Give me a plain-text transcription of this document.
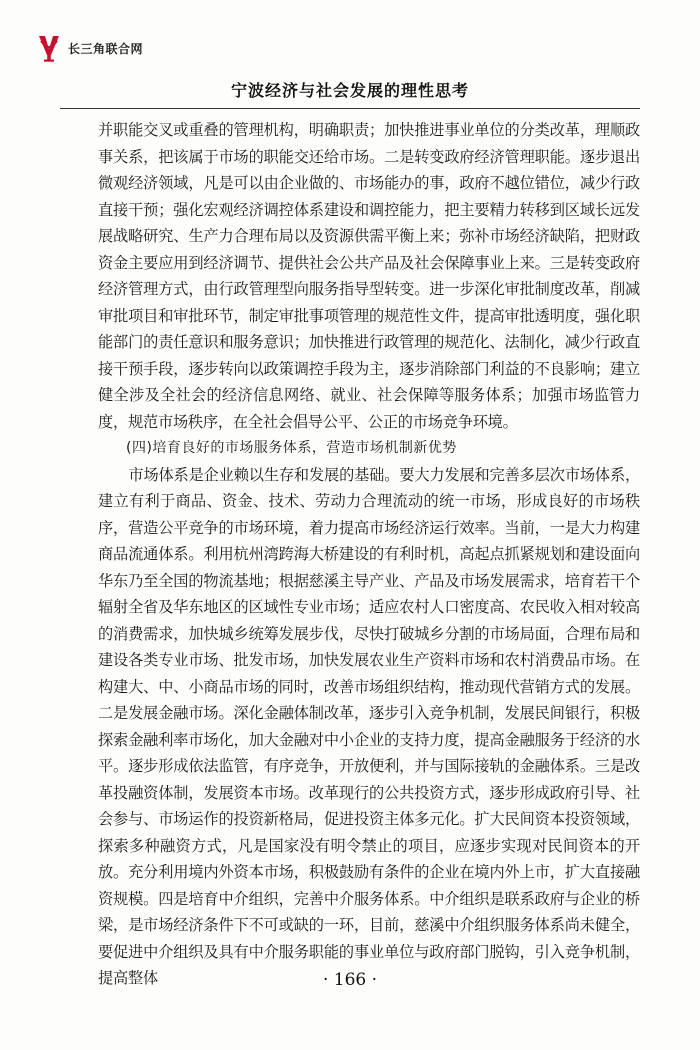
长三角联合网
宁波经济与社会发展的理性思考

并职能交叉或重叠的管理机构，明确职责；加快推进事业单位的分类改革，理顺政事关系，把该属于市场的职能交还给市场。二是转变政府经济管理职能。逐步退出微观经济领域，凡是可以由企业做的、市场能办的事，政府不越位错位，减少行政直接干预；强化宏观经济调控体系建设和调控能力，把主要精力转移到区域长远发展战略研究、生产力合理布局以及资源供需平衡上来；弥补市场经济缺陷，把财政资金主要应用到经济调节、提供社会公共产品及社会保障事业上来。三是转变政府经济管理方式，由行政管理型向服务指导型转变。进一步深化审批制度改革，削减审批项目和审批环节，制定审批事项管理的规范性文件，提高审批透明度，强化职能部门的责任意识和服务意识；加快推进行政管理的规范化、法制化，减少行政直接干预手段，逐步转向以政策调控手段为主，逐步消除部门利益的不良影响；建立健全涉及全社会的经济信息网络、就业、社会保障等服务体系；加强市场监管力度，规范市场秩序，在全社会倡导公平、公正的市场竞争环境。

(四)培育良好的市场服务体系，营造市场机制新优势

市场体系是企业赖以生存和发展的基础。要大力发展和完善多层次市场体系，建立有利于商品、资金、技术、劳动力合理流动的统一市场，形成良好的市场秩序，营造公平竞争的市场环境，着力提高市场经济运行效率。当前，一是大力构建商品流通体系。利用杭州湾跨海大桥建设的有利时机，高起点抓紧规划和建设面向华东乃至全国的物流基地；根据慈溪主导产业、产品及市场发展需求，培育若干个辐射全省及华东地区的区域性专业市场；适应农村人口密度高、农民收入相对较高的消费需求，加快城乡统筹发展步伐，尽快打破城乡分割的市场局面，合理布局和建设各类专业市场、批发市场，加快发展农业生产资料市场和农村消费品市场。在构建大、中、小商品市场的同时，改善市场组织结构，推动现代营销方式的发展。二是发展金融市场。深化金融体制改革，逐步引入竞争机制，发展民间银行，积极探索金融利率市场化，加大金融对中小企业的支持力度，提高金融服务于经济的水平。逐步形成依法监管，有序竞争，开放便利，并与国际接轨的金融体系。三是改革投融资体制，发展资本市场。改革现行的公共投资方式，逐步形成政府引导、社会参与、市场运作的投资新格局，促进投资主体多元化。扩大民间资本投资领域，探索多种融资方式，凡是国家没有明令禁止的项目，应逐步实现对民间资本的开放。充分利用境内外资本市场，积极鼓励有条件的企业在境内外上市，扩大直接融资规模。四是培育中介组织，完善中介服务体系。中介组织是联系政府与企业的桥梁，是市场经济条件下不可或缺的一环，目前，慈溪中介组织服务体系尚未健全，要促进中介组织及具有中介服务职能的事业单位与政府部门脱钩，引入竞争机制，提高整体	· 166 ·
